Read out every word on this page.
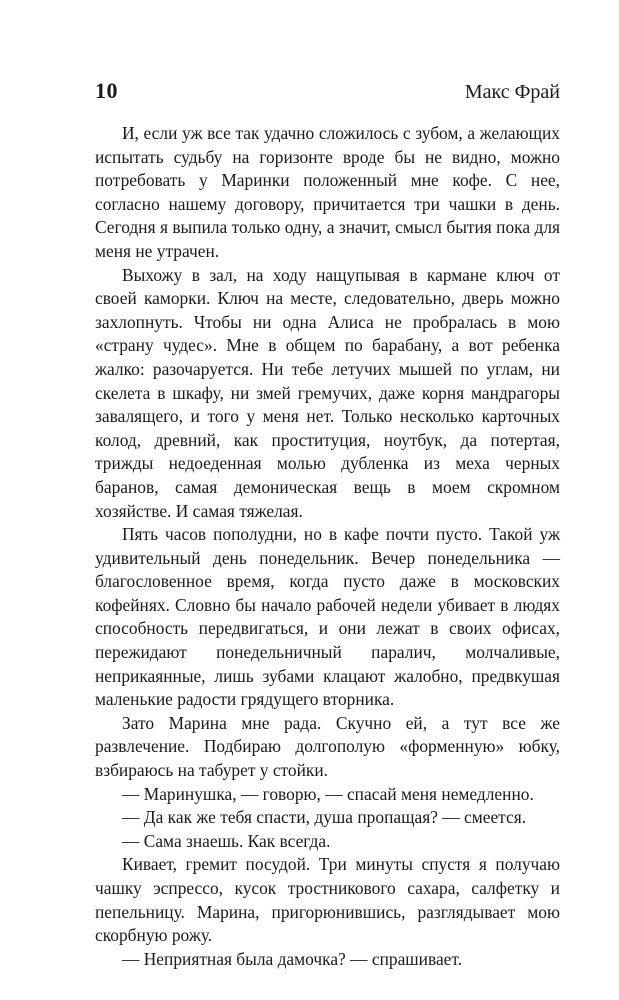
10	Макс Фрай

И, если уж все так удачно сложилось с зубом, а желающих испытать судьбу на горизонте вроде бы не видно, можно потребовать у Маринки положенный мне кофе. С нее, согласно нашему договору, причитается три чашки в день. Сегодня я выпила только одну, а значит, смысл бытия пока для меня не утрачен.

Выхожу в зал, на ходу нащупывая в кармане ключ от своей каморки. Ключ на месте, следовательно, дверь можно захлопнуть. Чтобы ни одна Алиса не пробралась в мою «страну чудес». Мне в общем по барабану, а вот ребенка жалко: разочаруется. Ни тебе летучих мышей по углам, ни скелета в шкафу, ни змей гремучих, даже корня мандрагоры завалящего, и того у меня нет. Только несколько карточных колод, древний, как проституция, ноутбук, да потертая, трижды недоеденная молью дубленка из меха черных баранов, самая демоническая вещь в моем скромном хозяйстве. И самая тяжелая.

Пять часов пополудни, но в кафе почти пусто. Такой уж удивительный день понедельник. Вечер понедельника — благословенное время, когда пусто даже в московских кофейнях. Словно бы начало рабочей недели убивает в людях способность передвигаться, и они лежат в своих офисах, пережидают понедельничный паралич, молчаливые, неприкаянные, лишь зубами клацают жалобно, предвкушая маленькие радости грядущего вторника.

Зато Марина мне рада. Скучно ей, а тут все же развлечение. Подбираю долгополую «форменную» юбку, взбираюсь на табурет у стойки.

— Маринушка, — говорю, — спасай меня немедленно.

— Да как же тебя спасти, душа пропащая? — смеется.

— Сама знаешь. Как всегда.

Кивает, гремит посудой. Три минуты спустя я получаю чашку эспрессо, кусок тростникового сахара, салфетку и пепельницу. Марина, пригорюнившись, разглядывает мою скорбную рожу.

— Неприятная была дамочка? — спрашивает.
